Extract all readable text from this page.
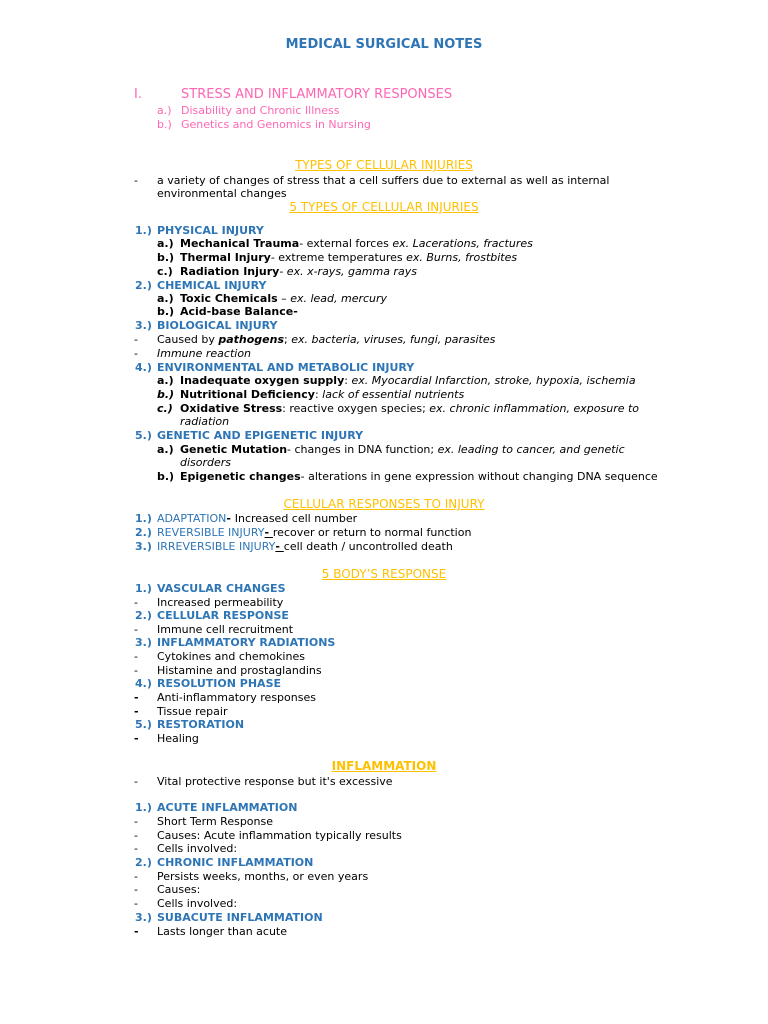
MEDICAL SURGICAL NOTES
I.	STRESS AND INFLAMMATORY RESPONSES
a.) Disability and Chronic Illness
b.) Genetics and Genomics in Nursing
TYPES OF CELLULAR INJURIES
- a variety of changes of stress that a cell suffers due to external as well as internal
environmental changes
5 TYPES OF CELLULAR INJURIES
1.) PHYSICAL INJURY
a.) Mechanical Trauma- external forces ex. Lacerations, fractures
b.) Thermal Injury- extreme temperatures ex. Burns, frostbites
c.) Radiation Injury- ex. x-rays, gamma rays
2.) CHEMICAL INJURY
a.) Toxic Chemicals – ex. lead, mercury
b.) Acid-base Balance-
3.) BIOLOGICAL INJURY
- Caused by pathogens; ex. bacteria, viruses, fungi, parasites
- Immune reaction
4.) ENVIRONMENTAL AND METABOLIC INJURY
a.) Inadequate oxygen supply: ex. Myocardial Infarction, stroke, hypoxia, ischemia
b.) Nutritional Deficiency: lack of essential nutrients
c.) Oxidative Stress: reactive oxygen species; ex. chronic inflammation, exposure to
radiation
5.) GENETIC AND EPIGENETIC INJURY
a.) Genetic Mutation- changes in DNA function; ex. leading to cancer, and genetic
disorders
b.) Epigenetic changes- alterations in gene expression without changing DNA sequence
CELLULAR RESPONSES TO INJURY
1.) ADAPTATION- Increased cell number
2.) REVERSIBLE INJURY- recover or return to normal function
3.) IRREVERSIBLE INJURY- cell death / uncontrolled death
5 BODY’S RESPONSE
1.) VASCULAR CHANGES
- Increased permeability
2.) CELLULAR RESPONSE
- Immune cell recruitment
3.) INFLAMMATORY RADIATIONS
- Cytokines and chemokines
- Histamine and prostaglandins
4.) RESOLUTION PHASE
- Anti-inflammatory responses
- Tissue repair
5.) RESTORATION
- Healing
INFLAMMATION
- Vital protective response but it's excessive
1.) ACUTE INFLAMMATION
- Short Term Response
- Causes: Acute inflammation typically results
- Cells involved:
2.) CHRONIC INFLAMMATION
- Persists weeks, months, or even years
- Causes:
- Cells involved:
3.) SUBACUTE INFLAMMATION
- Lasts longer than acute
